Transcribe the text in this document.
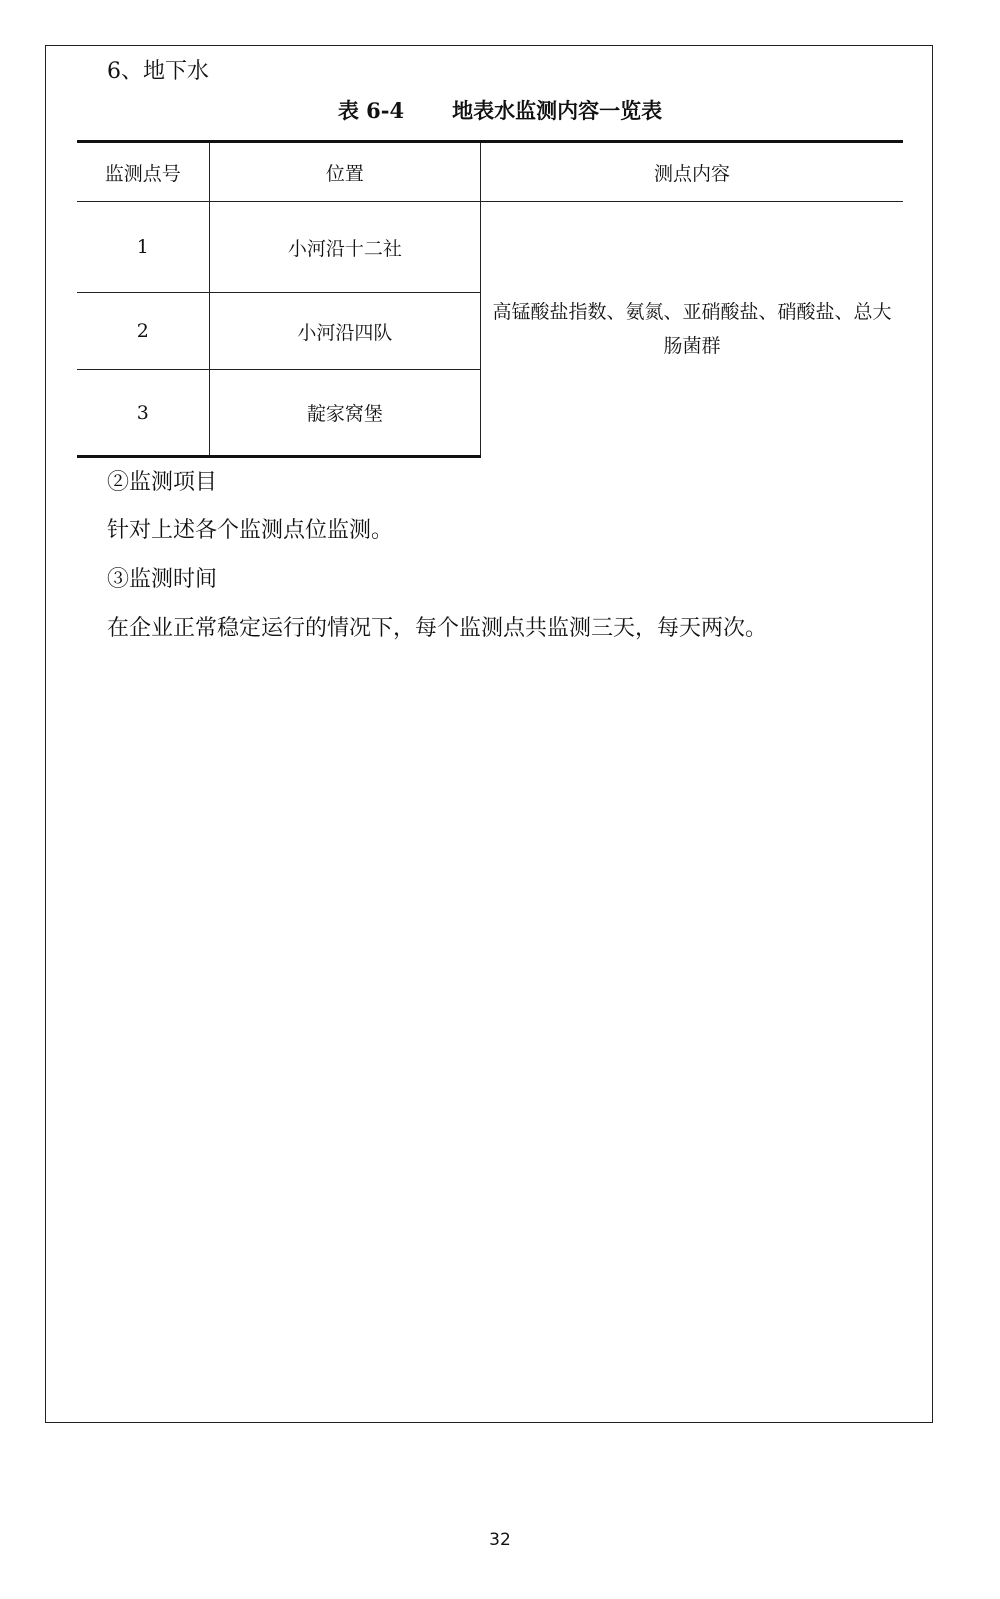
6、地下水
表 6-4 地表水监测内容一览表
监测点号	位置	测点内容
1	小河沿十二社	高锰酸盐指数、氨氮、亚硝酸盐、硝酸盐、总大肠菌群
2	小河沿四队	
3	靛家窝堡	
②监测项目
针对上述各个监测点位监测。
③监测时间
在企业正常稳定运行的情况下，每个监测点共监测三天，每天两次。
32
